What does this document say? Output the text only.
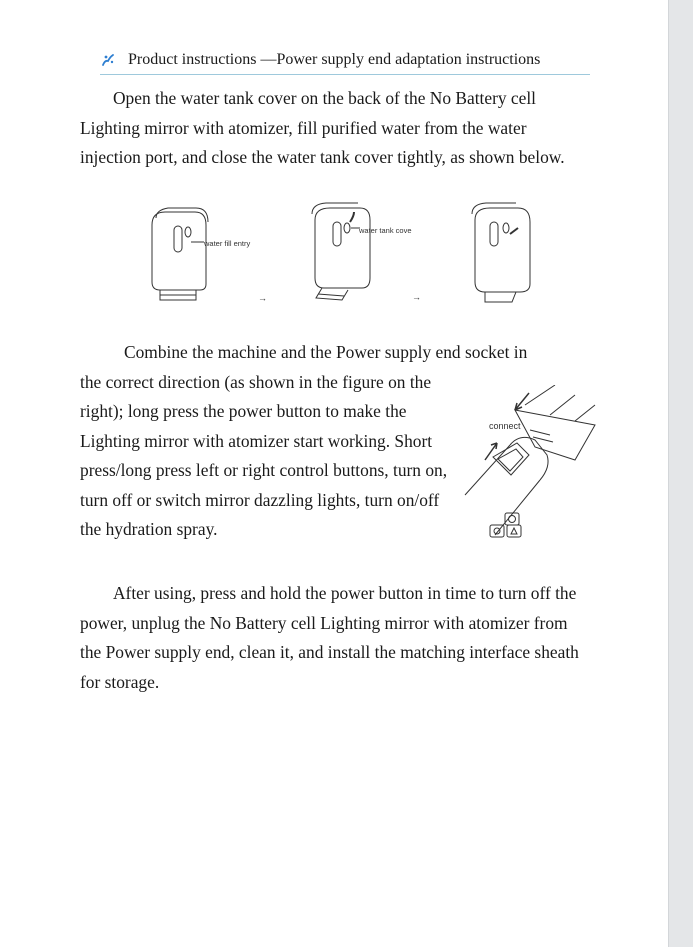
Product instructions —Power supply end adaptation instructions

Open the water tank cover on the back of the No Battery cell Lighting mirror with atomizer, fill purified water from the water injection port, and close the water tank cover tightly, as shown below.

water fill entry
water tank cove
→	→

Combine the machine and the Power supply end socket in
the correct direction (as shown in the figure on the right); long press the power button to make the Lighting mirror with atomizer start working. Short press/long press left or right control buttons, turn on, turn off or switch mirror dazzling lights, turn on/off the hydration spray.

connect

After using, press and hold the power button in time to turn off the power, unplug the No Battery cell Lighting mirror with atomizer from the Power supply end, clean it, and install the matching interface sheath for storage.
